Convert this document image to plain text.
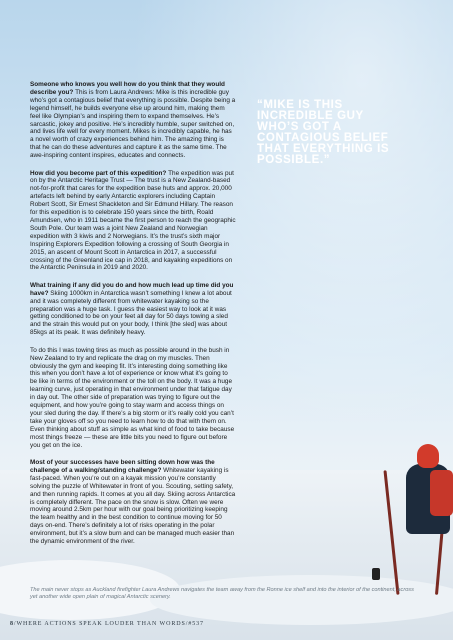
Someone who knows you well how do you think that they would describe you? This is from Laura Andrews: Mike is this incredible guy who’s got a contagious belief that everything is possible. Despite being a legend himself, he builds everyone else up around him, making them feel like Olympian’s and inspiring them to expand themselves. He’s sarcastic, jokey and positive. He’s incredibly humble, super switched on, and lives life well for every moment. Mikes is incredibly capable, he has a novel worth of crazy experiences behind him. The amazing thing is that he can do these adventures and capture it as the same time. The awe-inspiring content inspires, educates and connects.

How did you become part of this expedition? The expedition was put on by the Antarctic Heritage Trust — The trust is a New Zealand-based not-for-profit that cares for the expedition base huts and approx. 20,000 artefacts left behind by early Antarctic explorers including Captain Robert Scott, Sir Ernest Shackleton and Sir Edmund Hillary. The reason for this expedition is to celebrate 150 years since the birth, Roald Amundsen, who in 1911 became the first person to reach the geographic South Pole. Our team was a joint New Zealand and Norwegian expedition with 3 kiwis and 2 Norwegians. It’s the trust’s sixth major Inspiring Explorers Expedition following a crossing of South Georgia in 2015, an ascent of Mount Scott in Antarctica in 2017, a successful crossing of the Greenland ice cap in 2018, and kayaking expeditions on the Antarctic Peninsula in 2019 and 2020.

What training if any did you do and how much lead up time did you have? Skiing 1000km in Antarctica wasn’t something I knew a lot about and it was completely different from whitewater kayaking so the preparation was a huge task. I guess the easiest way to look at it was getting conditioned to be on your feet all day for 50 days towing a sled and the strain this would put on your body, I think [the sled] was about 85kgs at its peak. It was definitely heavy.

To do this I was towing tires as much as possible around in the bush in New Zealand to try and replicate the drag on my muscles. Then obviously the gym and keeping fit. It’s interesting doing something like this when you don’t have a lot of experience or know what it’s going to be like in terms of the environment or the toll on the body. It was a huge learning curve, just operating in that environment under that fatigue day in day out. The other side of preparation was trying to figure out the equipment, and how you’re going to stay warm and access things on your sled during the day. If there’s a big storm or it’s really cold you can’t take your gloves off so you need to learn how to do that with them on. Even thinking about stuff as simple as what kind of food to take because most things freeze — these are little bits you need to figure out before you get on the ice.

Most of your successes have been sitting down how was the challenge of a walking/standing challenge? Whitewater kayaking is fast-paced. When you’re out on a kayak mission you’re constantly solving the puzzle of Whitewater in front of you. Scouting, setting safety, and then running rapids. It comes at you all day. Skiing across Antarctica is completely different. The pace on the snow is slow. Often we were moving around 2.5km per hour with our goal being prioritizing keeping the team healthy and in the best condition to continue moving for 50 days on-end. There’s definitely a lot of risks operating in the polar environment, but it’s a slow burn and can be managed much easier than the dynamic environment of the river.

“MIKE IS THIS INCREDIBLE GUY WHO’S GOT A CONTAGIOUS BELIEF THAT EVERYTHING IS POSSIBLE.”
The main never stops as Auckland firefighter Laura Andrews navigates the team away from the Ronne ice shelf and into the interior of the continent, across yet another wide open plain of magical Antarctic scenery.
8/WHERE ACTIONS SPEAK LOUDER THAN WORDS/#537
